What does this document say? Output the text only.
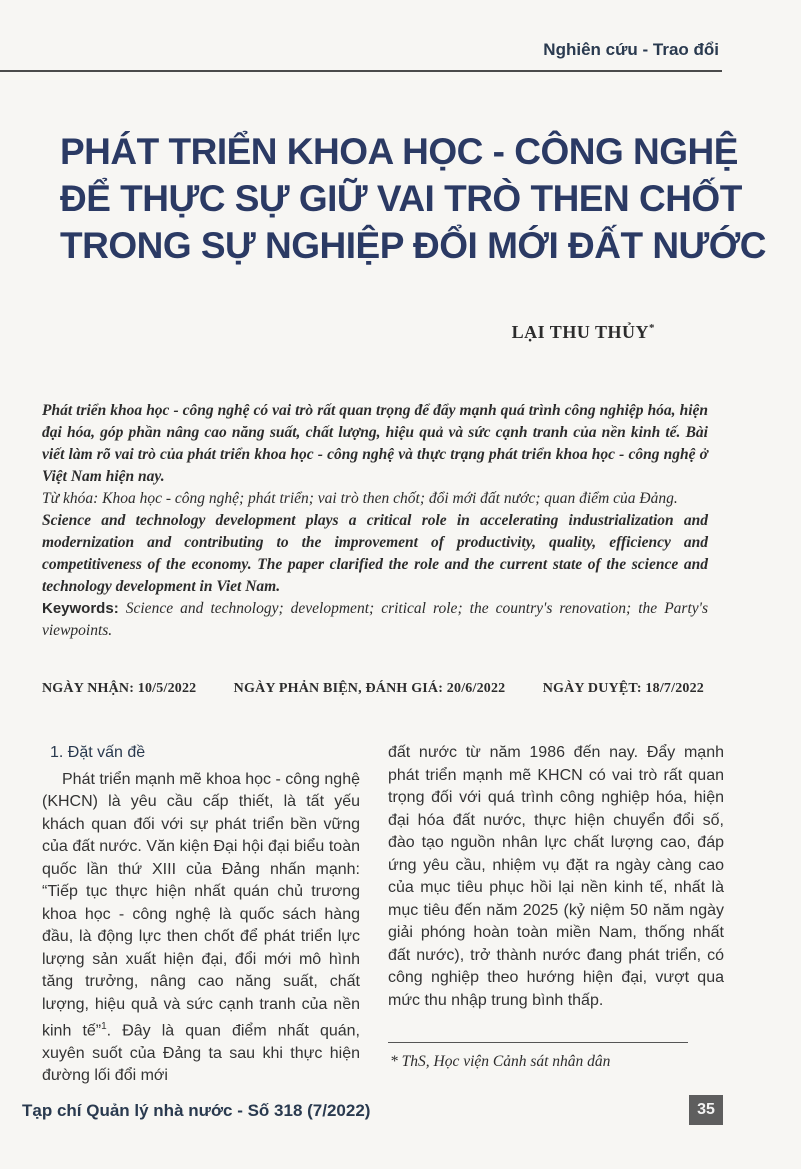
Nghiên cứu - Trao đổi
PHÁT TRIỂN KHOA HỌC - CÔNG NGHỆ
ĐỂ THỰC SỰ GIỮ VAI TRÒ THEN CHỐT
TRONG SỰ NGHIỆP ĐỔI MỚI ĐẤT NƯỚC
LẠI THU THỦY*

Phát triển khoa học - công nghệ có vai trò rất quan trọng để đẩy mạnh quá trình công nghiệp hóa, hiện đại hóa, góp phần nâng cao năng suất, chất lượng, hiệu quả và sức cạnh tranh của nền kinh tế. Bài viết làm rõ vai trò của phát triển khoa học - công nghệ và thực trạng phát triển khoa học - công nghệ ở Việt Nam hiện nay.

Từ khóa: Khoa học - công nghệ; phát triển; vai trò then chốt; đổi mới đất nước; quan điểm của Đảng.

Science and technology development plays a critical role in accelerating industrialization and modernization and contributing to the improvement of productivity, quality, efficiency and competitiveness of the economy. The paper clarified the role and the current state of the science and technology development in Viet Nam.

Keywords: Science and technology; development; critical role; the country's renovation; the Party's viewpoints.

NGÀY NHẬN: 10/5/2022	NGÀY PHẢN BIỆN, ĐÁNH GIÁ: 20/6/2022	NGÀY DUYỆT: 18/7/2022
1. Đặt vấn đề

Phát triển mạnh mẽ khoa học - công nghệ (KHCN) là yêu cầu cấp thiết, là tất yếu khách quan đối với sự phát triển bền vững của đất nước. Văn kiện Đại hội đại biểu toàn quốc lần thứ XIII của Đảng nhấn mạnh: “Tiếp tục thực hiện nhất quán chủ trương khoa học - công nghệ là quốc sách hàng đầu, là động lực then chốt để phát triển lực lượng sản xuất hiện đại, đổi mới mô hình tăng trưởng, nâng cao năng suất, chất lượng, hiệu quả và sức cạnh tranh của nền kinh tế”$^1$. Đây là quan điểm nhất quán, xuyên suốt của Đảng ta sau khi thực hiện đường lối đổi mới

đất nước từ năm 1986 đến nay. Đẩy mạnh phát triển mạnh mẽ KHCN có vai trò rất quan trọng đối với quá trình công nghiệp hóa, hiện đại hóa đất nước, thực hiện chuyển đổi số, đào tạo nguồn nhân lực chất lượng cao, đáp ứng yêu cầu, nhiệm vụ đặt ra ngày càng cao của mục tiêu phục hồi lại nền kinh tế, nhất là mục tiêu đến năm 2025 (kỷ niệm 50 năm ngày giải phóng hoàn toàn miền Nam, thống nhất đất nước), trở thành nước đang phát triển, có công nghiệp theo hướng hiện đại, vượt qua mức thu nhập trung bình thấp.

* ThS, Học viện Cảnh sát nhân dân
Tạp chí Quản lý nhà nước - Số 318 (7/2022)	35
